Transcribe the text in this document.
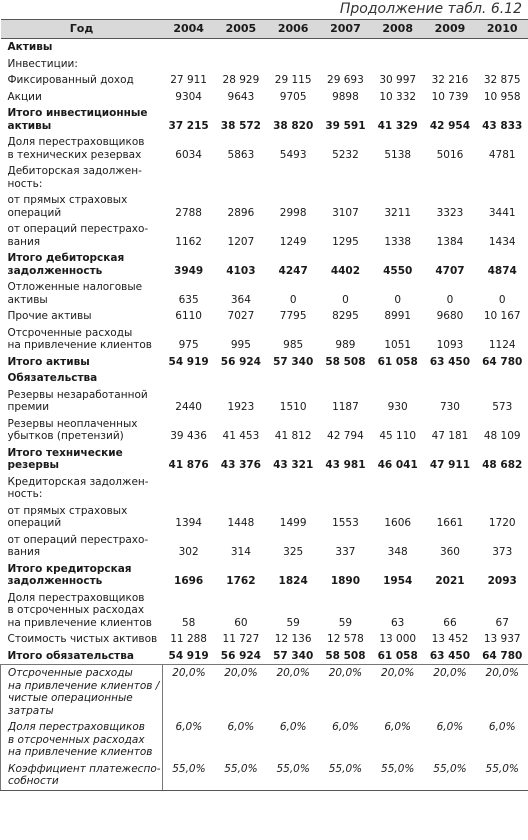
Продолжение табл. 6.12
Год	2004	2005	2006	2007	2008	2009	2010

Активы							

Инвестиции:							

Фиксированный доход	27 911	28 929	29 115	29 693	30 997	32 216	32 875

Акции	9304	9643	9705	9898	10 332	10 739	10 958

Итого инвестиционные
активы	37 215	38 572	38 820	39 591	41 329	42 954	43 833

Доля перестраховщиков
в технических резервах	6034	5863	5493	5232	5138	5016	4781

Дебиторская задолжен-
ность:							

от прямых страховых
операций	2788	2896	2998	3107	3211	3323	3441

от операций перестрахо-
вания	1162	1207	1249	1295	1338	1384	1434

Итого дебиторская
задолженность	3949	4103	4247	4402	4550	4707	4874

Отложенные налоговые
активы	635	364	0	0	0	0	0

Прочие активы	6110	7027	7795	8295	8991	9680	10 167

Отсроченные расходы
на привлечение клиентов	975	995	985	989	1051	1093	1124

Итого активы	54 919	56 924	57 340	58 508	61 058	63 450	64 780

Обязательства							

Резервы незаработанной
премии	2440	1923	1510	1187	930	730	573

Резервы неоплаченных
убытков (претензий)	39 436	41 453	41 812	42 794	45 110	47 181	48 109

Итого технические
резервы	41 876	43 376	43 321	43 981	46 041	47 911	48 682

Кредиторская задолжен-
ность:							

от прямых страховых
операций	1394	1448	1499	1553	1606	1661	1720

от операций перестрахо-
вания	302	314	325	337	348	360	373

Итого кредиторская
задолженность	1696	1762	1824	1890	1954	2021	2093

Доля перестраховщиков
в отсроченных расходах
на привлечение клиентов	58	60	59	59	63	66	67

Стоимость чистых активов	11 288	11 727	12 136	12 578	13 000	13 452	13 937

Итого обязательства	54 919	56 924	57 340	58 508	61 058	63 450	64 780

Отсроченные расходы
на привлечение клиентов /
чистые операционные
затраты	20,0%	20,0%	20,0%	20,0%	20,0%	20,0%	20,0%

Доля перестраховщиков
в отсроченных расходах
на привлечение клиентов	6,0%	6,0%	6,0%	6,0%	6,0%	6,0%	6,0%

Коэффициент платежеспо-
собности	55,0%	55,0%	55,0%	55,0%	55,0%	55,0%	55,0%
